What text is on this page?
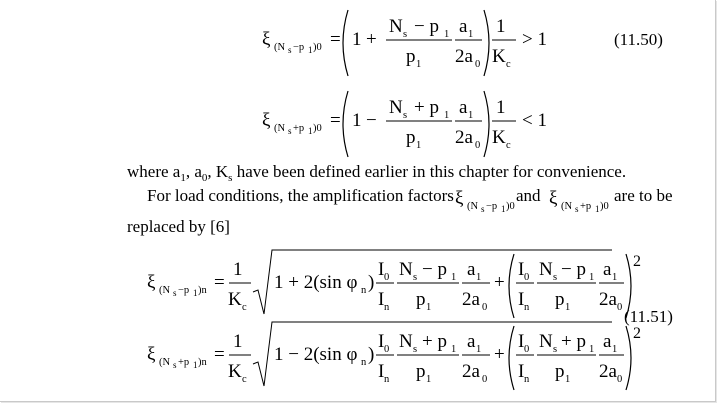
ξ (N s −p 1 )0 = 1 +
N s − p 1
p 1
a 1
2a 0
1
K c
> 1
ξ (N s +p 1 )0 = 1 −
N s + p 1
p 1
a 1
2a 0
1
K c
< 1
ξ (N s −p 1 )n =
1
K c
1 + 2(sin φ n )
I 0
I n
N s − p 1
p 1
a 1
2a 0
+
I 0
I n
N s − p 1
p 1
a 1
2a 0
2
ξ (N s +p 1 )n =
1
K c
1 − 2(sin φ n )
I 0
I n
N s + p 1
p 1
a 1
2a 0
+
I 0
I n
N s + p 1
p 1
a 1
2a 0
2
ξ (N s −p 1 )0 ξ (N s +p 1 )0
(11.50)
(11.51)
where $a_1$, $a_0$, $K_s$ have been defined earlier in this chapter for convenience.
For load conditions, the amplification factors	and	are to be
replaced by [6]
